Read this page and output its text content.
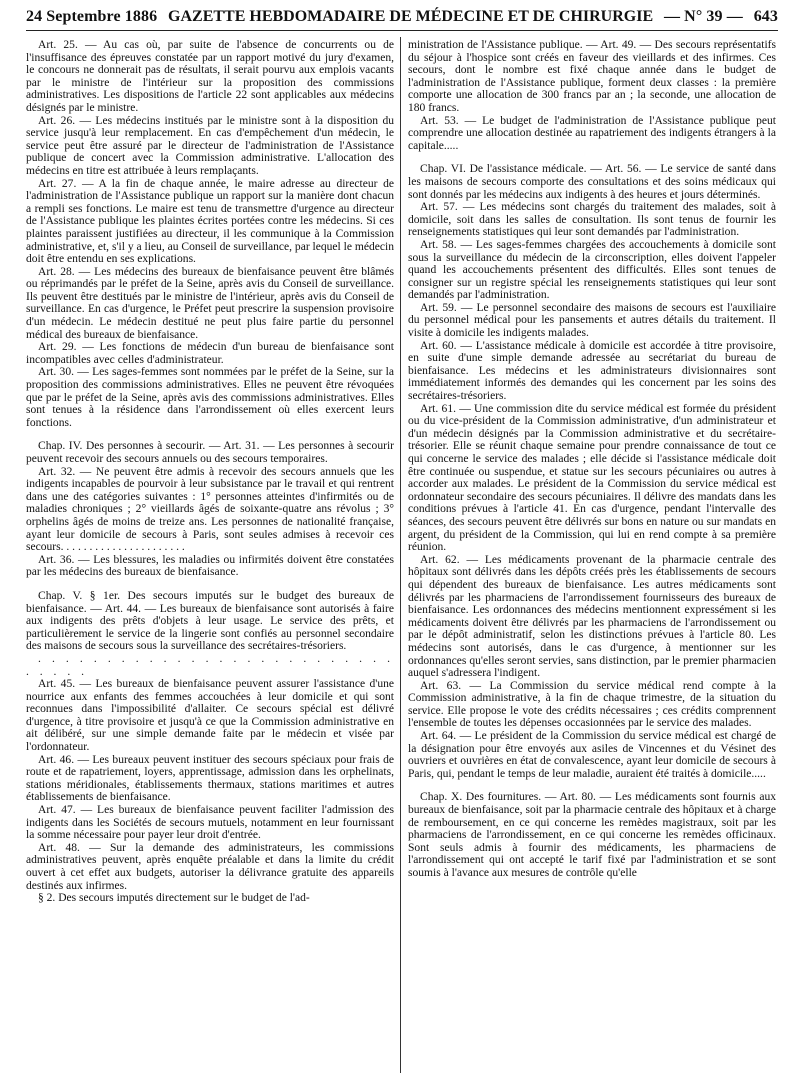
24 Septembre 1886 GAZETTE HEBDOMADAIRE DE MÉDECINE ET DE CHIRURGIE — N° 39 — 643

Art. 25. — Au cas où, par suite de l'absence de concurrents ou de l'insuffisance des épreuves constatée par un rapport motivé du jury d'examen, le concours ne donnerait pas de résultats, il serait pourvu aux emplois vacants par le ministre de l'intérieur sur la proposition des commissions administratives. Les dispositions de l'article 22 sont applicables aux médecins désignés par le ministre.

Art. 26. — Les médecins institués par le ministre sont à la disposition du service jusqu'à leur remplacement. En cas d'empêchement d'un médecin, le service peut être assuré par le directeur de l'administration de l'Assistance publique de concert avec la Commission administrative. L'allocation des médecins en titre est attribuée à leurs remplaçants.

Art. 27. — A la fin de chaque année, le maire adresse au directeur de l'administration de l'Assistance publique un rapport sur la manière dont chacun a rempli ses fonctions. Le maire est tenu de transmettre d'urgence au directeur de l'Assistance publique les plaintes écrites portées contre les médecins. Si ces plaintes paraissent justifiées au directeur, il les communique à la Commission administrative, et, s'il y a lieu, au Conseil de surveillance, par lequel le médecin doit être entendu en ses explications.

Art. 28. — Les médecins des bureaux de bienfaisance peuvent être blâmés ou réprimandés par le préfet de la Seine, après avis du Conseil de surveillance. Ils peuvent être destitués par le ministre de l'intérieur, après avis du Conseil de surveillance. En cas d'urgence, le Préfet peut prescrire la suspension provisoire d'un médecin. Le médecin destitué ne peut plus faire partie du personnel médical des bureaux de bienfaisance.

Art. 29. — Les fonctions de médecin d'un bureau de bienfaisance sont incompatibles avec celles d'administrateur.

Art. 30. — Les sages-femmes sont nommées par le préfet de la Seine, sur la proposition des commissions administratives. Elles ne peuvent être révoquées que par le préfet de la Seine, après avis des commissions administratives. Elles sont tenues à la résidence dans l'arrondissement où elles exercent leurs fonctions.

Chap. IV. Des personnes à secourir. — Art. 31. — Les personnes à secourir peuvent recevoir des secours annuels ou des secours temporaires.

Art. 32. — Ne peuvent être admis à recevoir des secours annuels que les indigents incapables de pourvoir à leur subsistance par le travail et qui rentrent dans une des catégories suivantes : 1° personnes atteintes d'infirmités ou de maladies chroniques ; 2° vieillards âgés de soixante-quatre ans révolus ; 3° orphelins âgés de moins de treize ans. Les personnes de nationalité française, ayant leur domicile de secours à Paris, sont seules admises à recevoir ces secours. . . . . . . . . . . . . . . . . . . . . .

Art. 36. — Les blessures, les maladies ou infirmités doivent être constatées par les médecins des bureaux de bienfaisance.

Chap. V. § 1er. Des secours imputés sur le budget des bureaux de bienfaisance. — Art. 44. — Les bureaux de bienfaisance sont autorisés à faire aux indigents des prêts d'objets à leur usage. Le service des prêts, et particulièrement le service de la lingerie sont confiés au personnel secondaire des maisons de secours sous la surveillance des secrétaires-trésoriers.

. . . . . . . . . . . . . . . . . . . . . . . . . . . . . . .

Art. 45. — Les bureaux de bienfaisance peuvent assurer l'assistance d'une nourrice aux enfants des femmes accouchées à leur domicile et qui sont reconnues dans l'impossibilité d'allaiter. Ce secours spécial est délivré d'urgence, à titre provisoire et jusqu'à ce que la Commission administrative en ait délibéré, sur une simple demande faite par le médecin et visée par l'ordonnateur.

Art. 46. — Les bureaux peuvent instituer des secours spéciaux pour frais de route et de rapatriement, loyers, apprentissage, admission dans les orphelinats, stations méridionales, établissements thermaux, stations maritimes et autres établissements de bienfaisance.

Art. 47. — Les bureaux de bienfaisance peuvent faciliter l'admission des indigents dans les Sociétés de secours mutuels, notamment en leur fournissant la somme nécessaire pour payer leur droit d'entrée.

Art. 48. — Sur la demande des administrateurs, les commissions administratives peuvent, après enquête préalable et dans la limite du crédit ouvert à cet effet aux budgets, autoriser la délivrance gratuite des appareils destinés aux infirmes.

§ 2. Des secours imputés directement sur le budget de l'ad-

ministration de l'Assistance publique. — Art. 49. — Des secours représentatifs du séjour à l'hospice sont créés en faveur des vieillards et des infirmes. Ces secours, dont le nombre est fixé chaque année dans le budget de l'administration de l'Assistance publique, forment deux classes : la première comporte une allocation de 300 francs par an ; la seconde, une allocation de 180 francs.

Art. 53. — Le budget de l'administration de l'Assistance publique peut comprendre une allocation destinée au rapatriement des indigents étrangers à la capitale.....

Chap. VI. De l'assistance médicale. — Art. 56. — Le service de santé dans les maisons de secours comporte des consultations et des soins médicaux qui sont donnés par les médecins aux indigents à des heures et jours déterminés.

Art. 57. — Les médecins sont chargés du traitement des malades, soit à domicile, soit dans les salles de consultation. Ils sont tenus de fournir les renseignements statistiques qui leur sont demandés par l'administration.

Art. 58. — Les sages-femmes chargées des accouchements à domicile sont sous la surveillance du médecin de la circonscription, elles doivent l'appeler quand les accouchements présentent des difficultés. Elles sont tenues de consigner sur un registre spécial les renseignements statistiques qui leur sont demandés par l'administration.

Art. 59. — Le personnel secondaire des maisons de secours est l'auxiliaire du personnel médical pour les pansements et autres détails du traitement. Il visite à domicile les indigents malades.

Art. 60. — L'assistance médicale à domicile est accordée à titre provisoire, en suite d'une simple demande adressée au secrétariat du bureau de bienfaisance. Les médecins et les administrateurs divisionnaires sont immédiatement informés des demandes qui les concernent par les soins des secrétaires-trésoriers.

Art. 61. — Une commission dite du service médical est formée du président ou du vice-président de la Commission administrative, d'un administrateur et d'un médecin désignés par la Commission administrative et du secrétaire-trésorier. Elle se réunit chaque semaine pour prendre connaissance de tout ce qui concerne le service des malades ; elle décide si l'assistance médicale doit être continuée ou suspendue, et statue sur les secours pécuniaires ou autres à accorder aux malades. Le président de la Commission du service médical est ordonnateur secondaire des secours pécuniaires. Il délivre des mandats dans les conditions prévues à l'article 41. En cas d'urgence, pendant l'intervalle des séances, des secours peuvent être délivrés sur bons en nature ou sur mandats en argent, du président de la Commission, qui lui en rend compte à sa première réunion.

Art. 62. — Les médicaments provenant de la pharmacie centrale des hôpitaux sont délivrés dans les dépôts créés près les établissements de secours qui dépendent des bureaux de bienfaisance. Les autres médicaments sont délivrés par les pharmaciens de l'arrondissement fournisseurs des bureaux de bienfaisance. Les ordonnances des médecins mentionnent expressément si les médicaments doivent être délivrés par les pharmaciens de l'arrondissement ou par le dépôt administratif, selon les distinctions prévues à l'article 80. Les médecins sont autorisés, dans le cas d'urgence, à mentionner sur les ordonnances qu'elles seront servies, sans distinction, par le premier pharmacien auquel s'adressera l'indigent.

Art. 63. — La Commission du service médical rend compte à la Commission administrative, à la fin de chaque trimestre, de la situation du service. Elle propose le vote des crédits nécessaires ; ces crédits comprennent l'ensemble de toutes les dépenses occasionnées par le service des malades.

Art. 64. — Le président de la Commission du service médical est chargé de la désignation pour être envoyés aux asiles de Vincennes et du Vésinet des ouvriers et ouvrières en état de convalescence, ayant leur domicile de secours à Paris, qui, pendant le temps de leur maladie, auraient été traités à domicile.....

Chap. X. Des fournitures. — Art. 80. — Les médicaments sont fournis aux bureaux de bienfaisance, soit par la pharmacie centrale des hôpitaux et à charge de remboursement, en ce qui concerne les remèdes magistraux, soit par les pharmaciens de l'arrondissement, en ce qui concerne les remèdes officinaux. Sont seuls admis à fournir des médicaments, les pharmaciens de l'arrondissement qui ont accepté le tarif fixé par l'administration et se sont soumis à l'avance aux mesures de contrôle qu'elle
